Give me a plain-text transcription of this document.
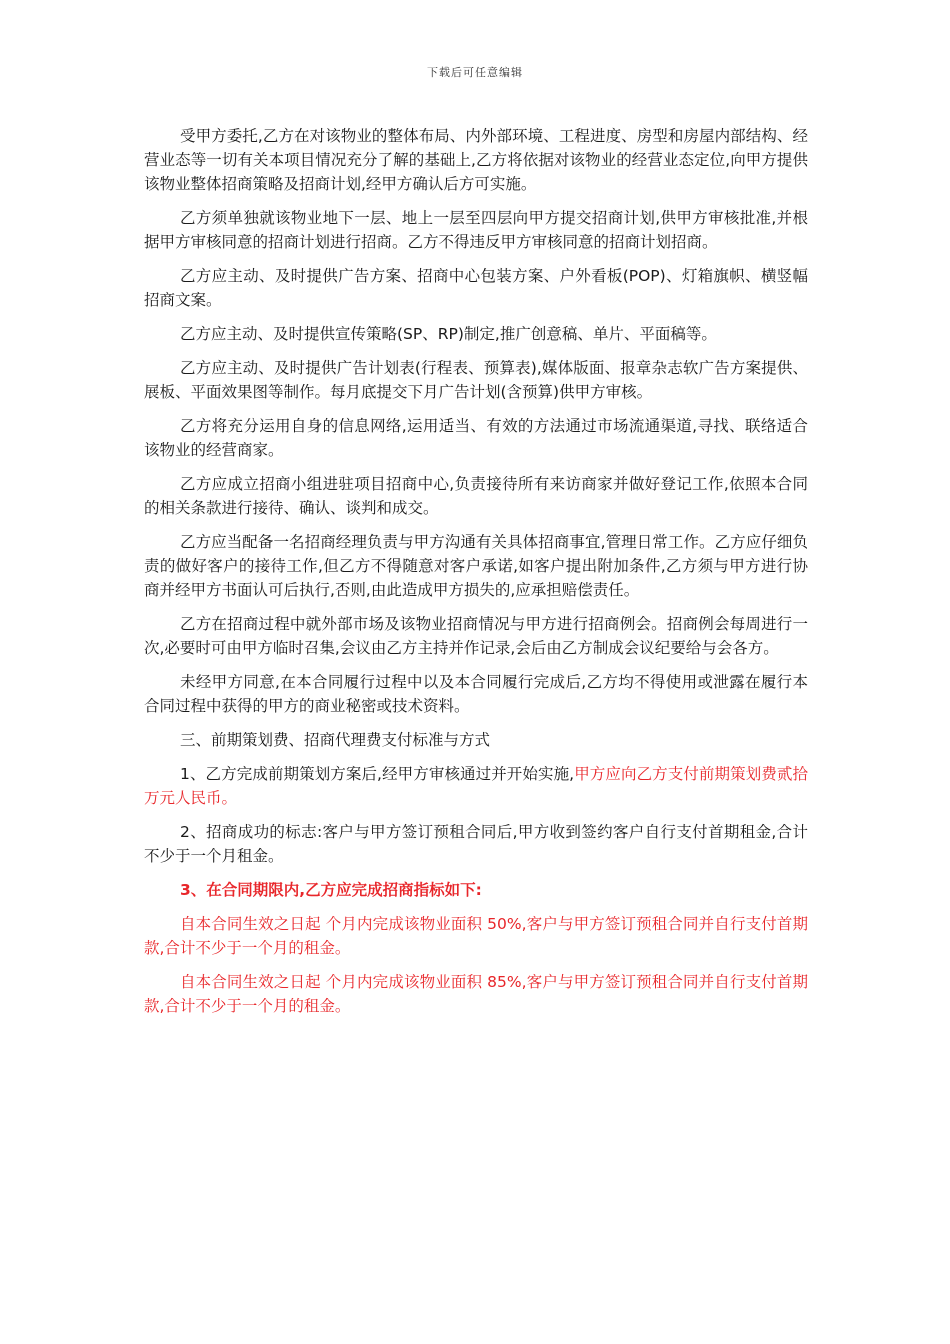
下载后可任意编辑

受甲方委托,乙方在对该物业的整体布局、内外部环境、工程进度、房型和房屋内部结构、经营业态等一切有关本项目情况充分了解的基础上,乙方将依据对该物业的经营业态定位,向甲方提供该物业整体招商策略及招商计划,经甲方确认后方可实施。

乙方须单独就该物业地下一层、地上一层至四层向甲方提交招商计划,供甲方审核批准,并根据甲方审核同意的招商计划进行招商。乙方不得违反甲方审核同意的招商计划招商。

乙方应主动、及时提供广告方案、招商中心包装方案、户外看板(POP)、灯箱旗帜、横竖幅招商文案。

乙方应主动、及时提供宣传策略(SP、RP)制定,推广创意稿、单片、平面稿等。

乙方应主动、及时提供广告计划表(行程表、预算表),媒体版面、报章杂志软广告方案提供、展板、平面效果图等制作。每月底提交下月广告计划(含预算)供甲方审核。

乙方将充分运用自身的信息网络,运用适当、有效的方法通过市场流通渠道,寻找、联络适合该物业的经营商家。

乙方应成立招商小组进驻项目招商中心,负责接待所有来访商家并做好登记工作,依照本合同的相关条款进行接待、确认、谈判和成交。

乙方应当配备一名招商经理负责与甲方沟通有关具体招商事宜,管理日常工作。乙方应仔细负责的做好客户的接待工作,但乙方不得随意对客户承诺,如客户提出附加条件,乙方须与甲方进行协商并经甲方书面认可后执行,否则,由此造成甲方损失的,应承担赔偿责任。

乙方在招商过程中就外部市场及该物业招商情况与甲方进行招商例会。招商例会每周进行一次,必要时可由甲方临时召集,会议由乙方主持并作记录,会后由乙方制成会议纪要给与会各方。

未经甲方同意,在本合同履行过程中以及本合同履行完成后,乙方均不得使用或泄露在履行本合同过程中获得的甲方的商业秘密或技术资料。

三、前期策划费、招商代理费支付标准与方式

1、乙方完成前期策划方案后,经甲方审核通过并开始实施,甲方应向乙方支付前期策划费贰拾万元人民币。

2、招商成功的标志:客户与甲方签订预租合同后,甲方收到签约客户自行支付首期租金,合计不少于一个月租金。

3、在合同期限内,乙方应完成招商指标如下:

自本合同生效之日起 个月内完成该物业面积 50%,客户与甲方签订预租合同并自行支付首期款,合计不少于一个月的租金。

自本合同生效之日起 个月内完成该物业面积 85%,客户与甲方签订预租合同并自行支付首期款,合计不少于一个月的租金。
